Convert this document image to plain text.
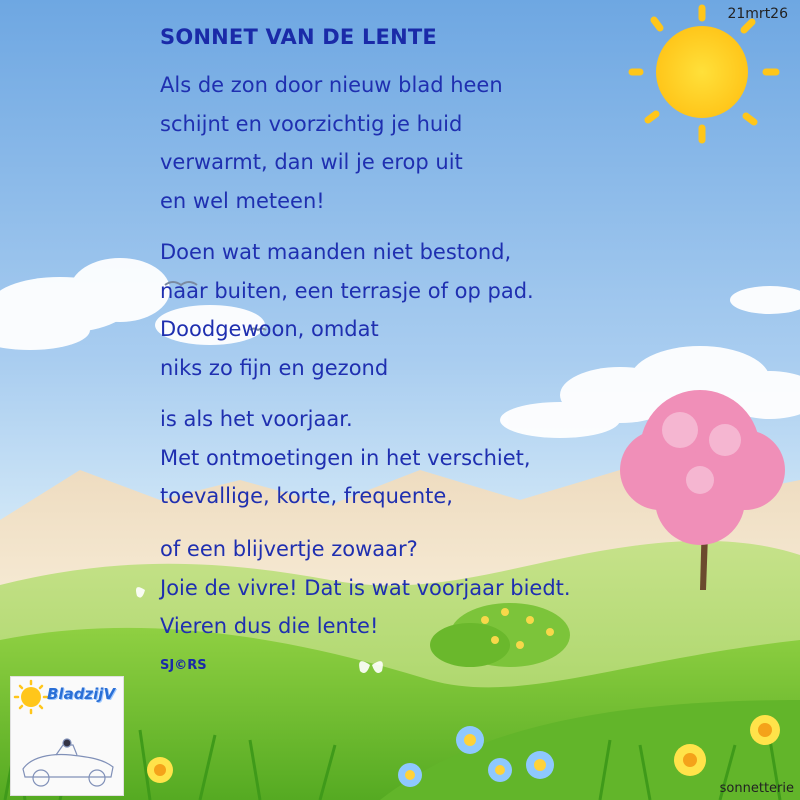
21mrt26
SONNET VAN DE LENTE
Als de zon door nieuw blad heen
schijnt en voorzichtig je huid
verwarmt, dan wil je erop uit
en wel meteen!
Doen wat maanden niet bestond,
naar buiten, een terrasje of op pad.
Doodgewoon, omdat
niks zo fijn en gezond
is als het voorjaar.
Met ontmoetingen in het verschiet,
toevallige, korte, frequente,
of een blijvertje zowaar?
Joie de vivre! Dat is wat voorjaar biedt.
Vieren dus die lente!
SJ©RS
BladzijV
sonnetterie
